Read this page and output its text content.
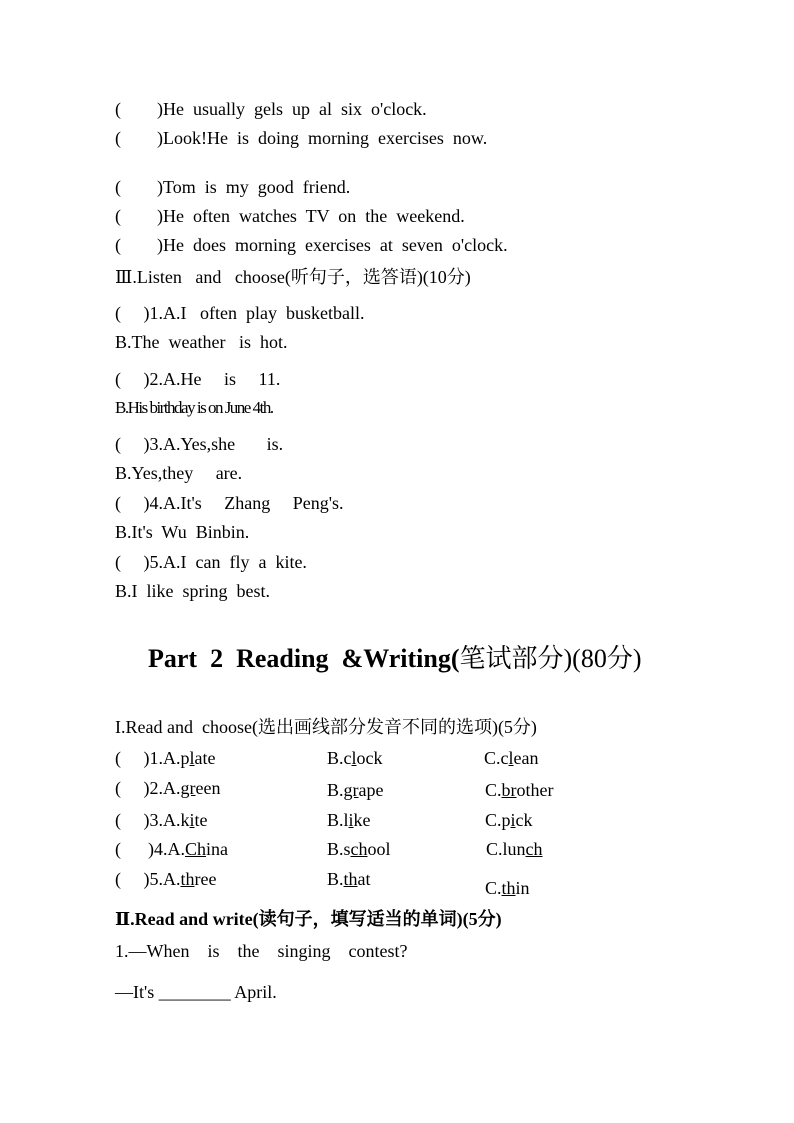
(        )He  usually  gels  up  al  six  o'clock.
(        )Look!He  is  doing  morning  exercises  now.
(        )Tom  is  my  good  friend.
(        )He  often  watches  TV  on  the  weekend.
(        )He  does  morning  exercises  at  seven  o'clock.
Ⅲ.Listen   and   choose(听句子，选答语)(10分)
(     )1.A.I   often  play  busketball.
B.The  weather   is  hot.
(     )2.A.He     is     11.
B.His birthday is on June 4th.
(     )3.A.Yes,she       is.
B.Yes,they     are.
(     )4.A.It's     Zhang     Peng's.
B.It's  Wu  Binbin.
(     )5.A.I  can  fly  a  kite.
B.I  like  spring  best.
Part  2  Reading  &Writing(笔试部分)(80分)
I.Read and  choose(选出画线部分发音不同的选项)(5分)
(     )1.A.plate	B.clock	C.clean
(     )2.A.green	B.grape	C.brother
(     )3.A.kite	B.like	C.pick
(      )4.A.China	B.school	C.lunch
(     )5.A.three	B.that	C.thin
Ⅱ.Read and write(读句子，填写适当的单词)(5分)
1.—When    is    the    singing    contest?
—It's ________ April.
